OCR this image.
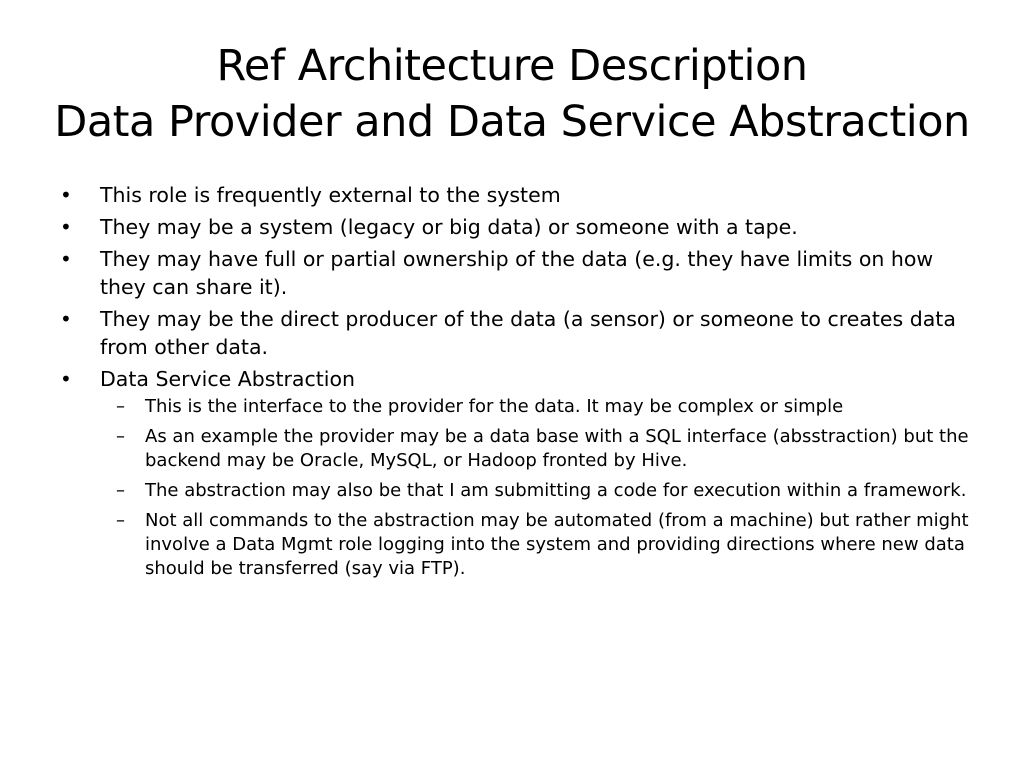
Ref Architecture Description
Data Provider and Data Service Abstraction
•	This role is frequently external to the system
•	They may be a system (legacy or big data) or someone with a tape.
•	They may have full or partial ownership of the data (e.g. they have limits on how they can share it).
•	They may be the direct producer of the data (a sensor) or someone to creates data from other data.
•	Data Service Abstraction
–	This is the interface to the provider for the data. It may be complex or simple
–	As an example the provider may be a data base with a SQL interface (absstraction) but the backend may be Oracle, MySQL, or Hadoop fronted by Hive.
–	The abstraction may also be that I am submitting a code for execution within a framework.
–	Not all commands to the abstraction may be automated (from a machine) but rather might involve a Data Mgmt role logging into the system and providing directions where new data should be transferred (say via FTP).
